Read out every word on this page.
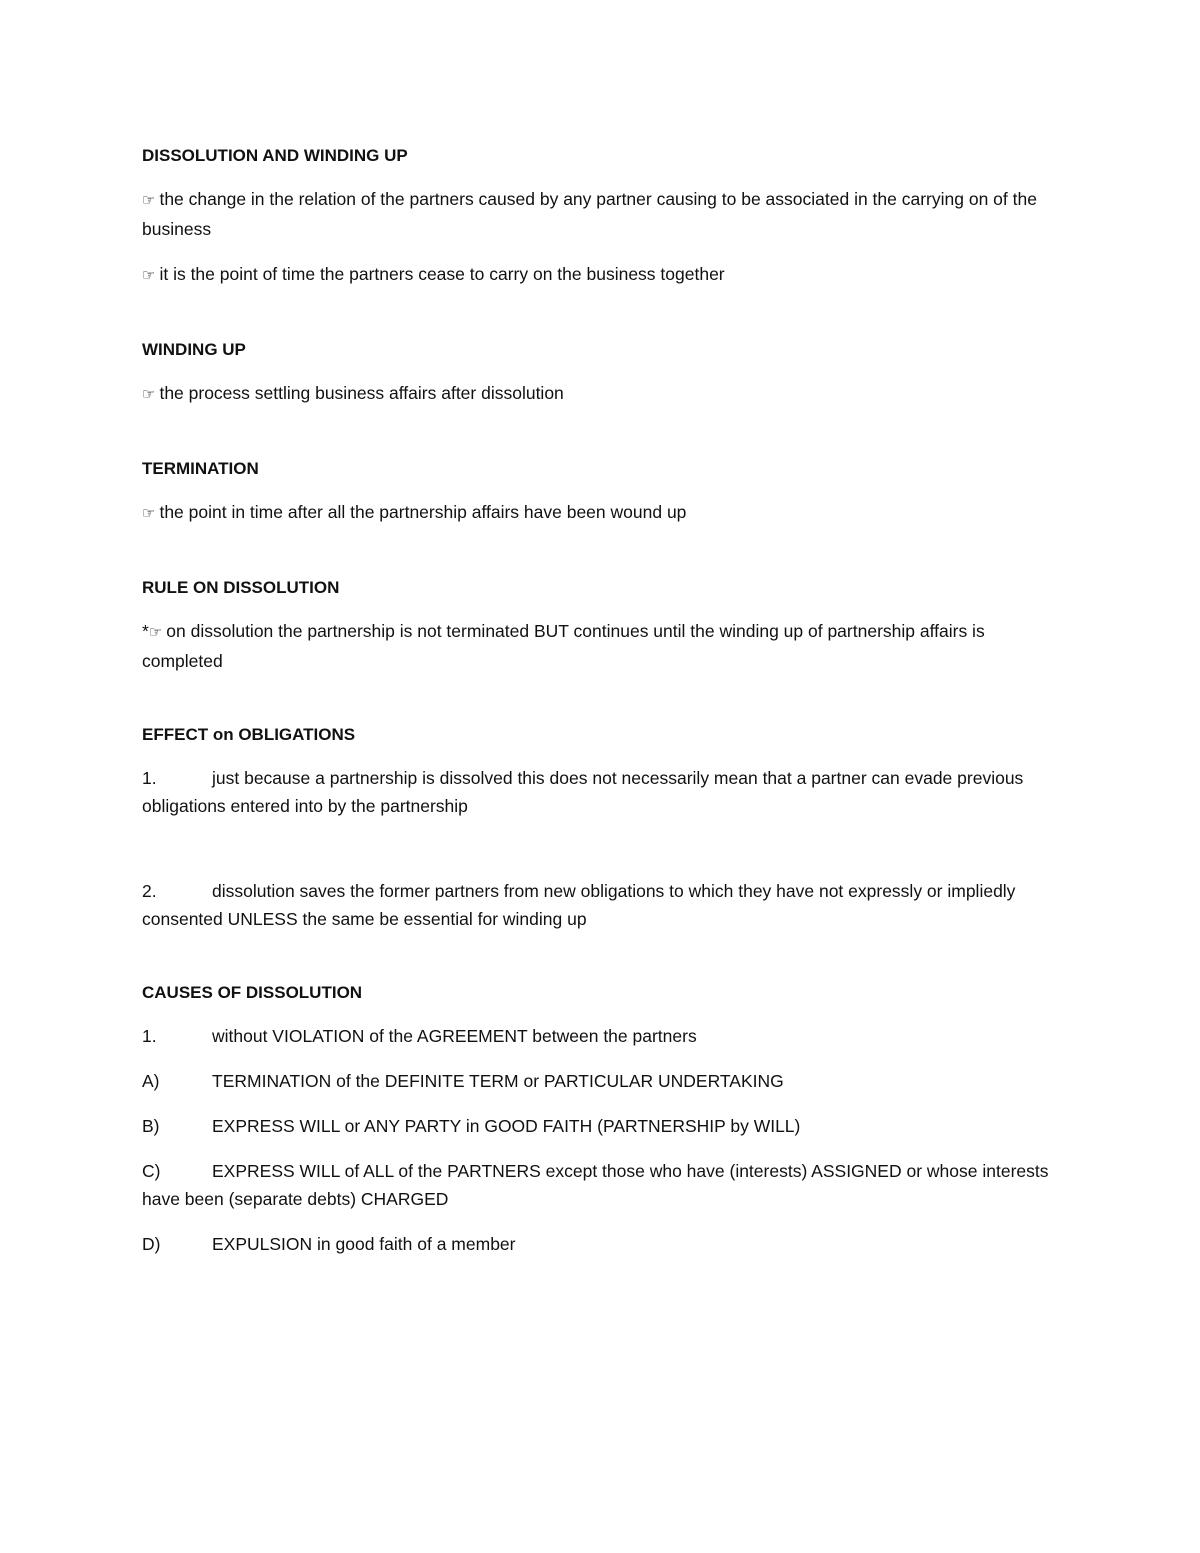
DISSOLUTION AND WINDING UP

☞ the change in the relation of the partners caused by any partner causing to be associated in the carrying on of the business

☞ it is the point of time the partners cease to carry on the business together

WINDING UP

☞ the process settling business affairs after dissolution

TERMINATION

☞ the point in time after all the partnership affairs have been wound up

RULE ON DISSOLUTION

*☞ on dissolution the partnership is not terminated BUT continues until the winding up of partnership affairs is completed

EFFECT on OBLIGATIONS

1.	just because a partnership is dissolved this does not necessarily mean that a partner can evade previous obligations entered into by the partnership

2.	dissolution saves the former partners from new obligations to which they have not expressly or impliedly consented UNLESS the same be essential for winding up

CAUSES OF DISSOLUTION

1.	without VIOLATION of the AGREEMENT between the partners

A)	TERMINATION of the DEFINITE TERM or PARTICULAR UNDERTAKING

B)	EXPRESS WILL or ANY PARTY in GOOD FAITH (PARTNERSHIP by WILL)

C)	EXPRESS WILL of ALL of the PARTNERS except those who have (interests) ASSIGNED or whose interests have been (separate debts) CHARGED

D)	EXPULSION in good faith of a member
